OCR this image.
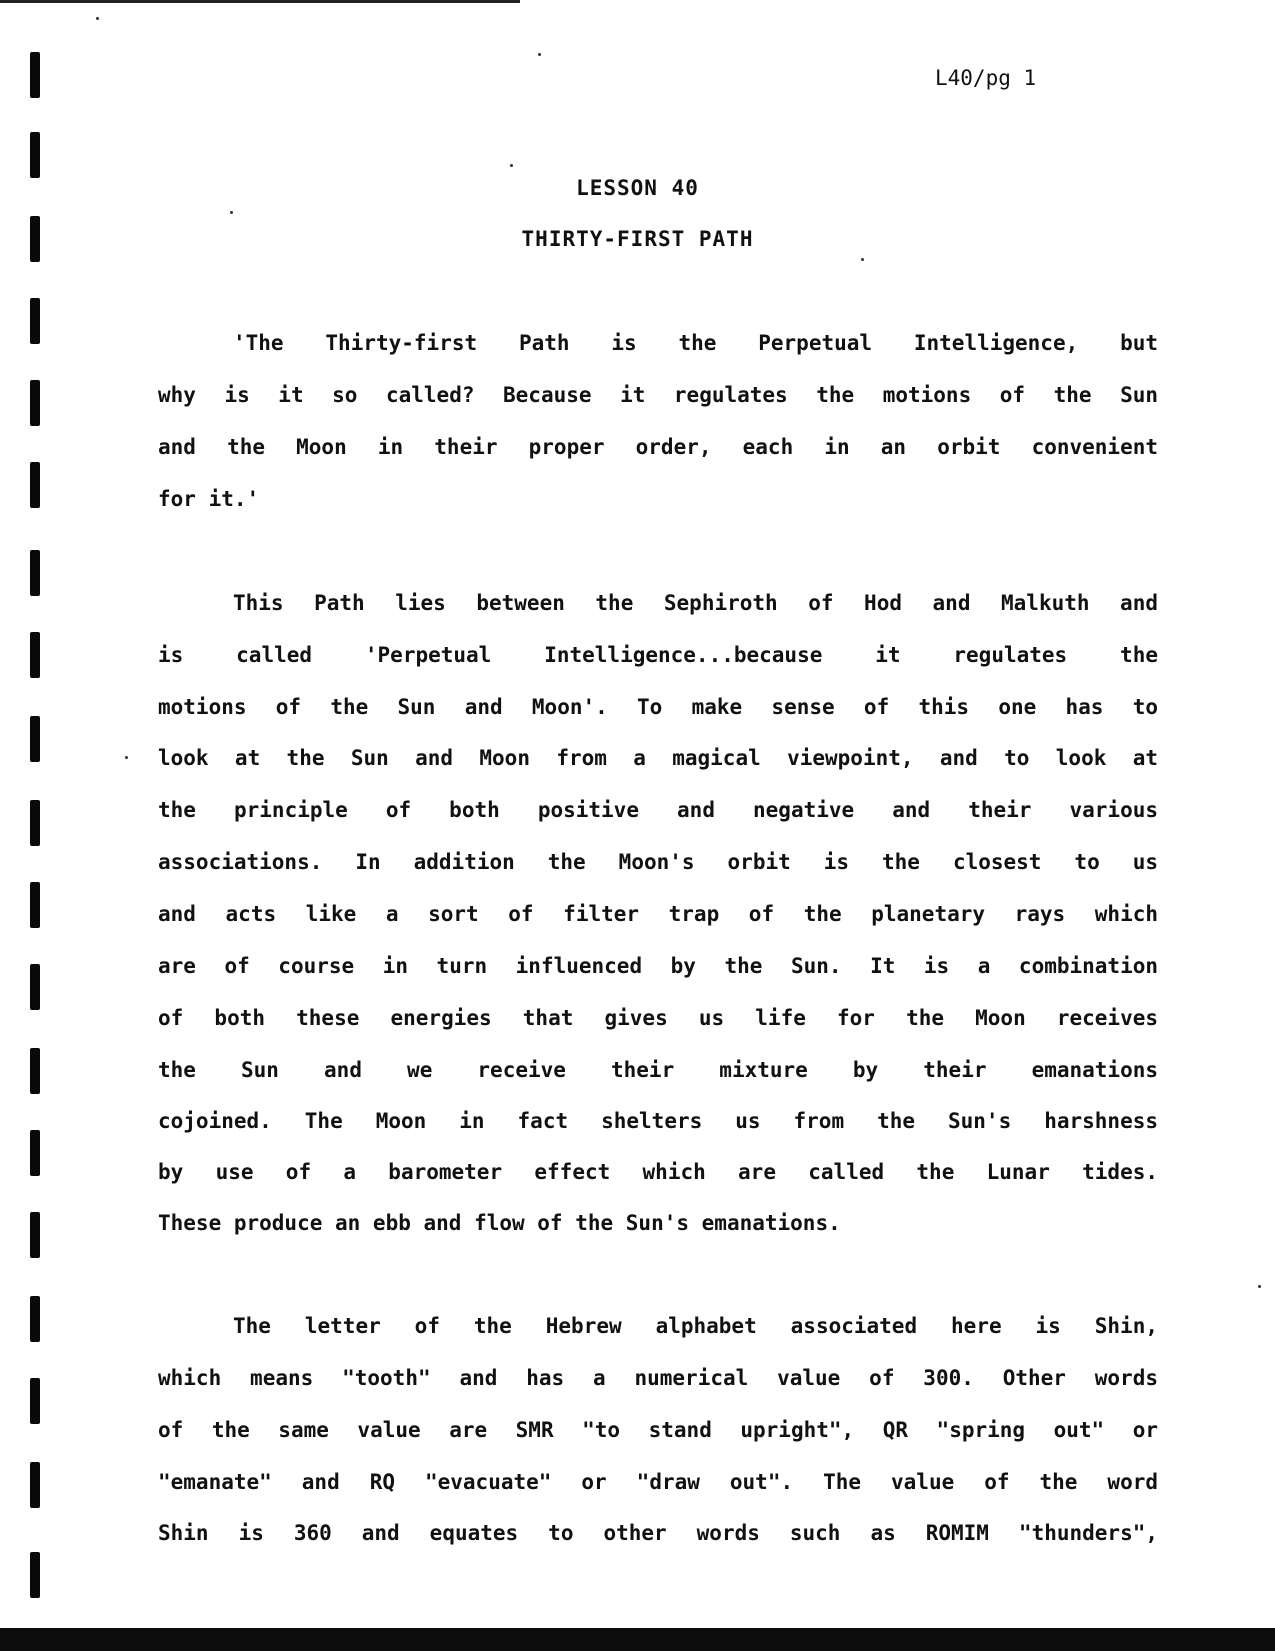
L40/pg 1
LESSON 40
THIRTY-FIRST PATH
'The Thirty-first Path is the Perpetual Intelligence, but
why is it so called? Because it regulates the motions of the Sun
and the Moon in their proper order, each in an orbit convenient
for it.'
This Path lies between the Sephiroth of Hod and Malkuth and
is called 'Perpetual Intelligence...because it regulates the
motions of the Sun and Moon'. To make sense of this one has to
look at the Sun and Moon from a magical viewpoint, and to look at
the principle of both positive and negative and their various
associations. In addition the Moon's orbit is the closest to us
and acts like a sort of filter trap of the planetary rays which
are of course in turn influenced by the Sun. It is a combination
of both these energies that gives us life for the Moon receives
the Sun and we receive their mixture by their emanations
cojoined. The Moon in fact shelters us from the Sun's harshness
by use of a barometer effect which are called the Lunar tides.
These produce an ebb and flow of the Sun's emanations.
The letter of the Hebrew alphabet associated here is Shin,
which means "tooth" and has a numerical value of 300. Other words
of the same value are SMR "to stand upright", QR "spring out" or
"emanate" and RQ "evacuate" or "draw out". The value of the word
Shin is 360 and equates to other words such as ROMIM "thunders",
